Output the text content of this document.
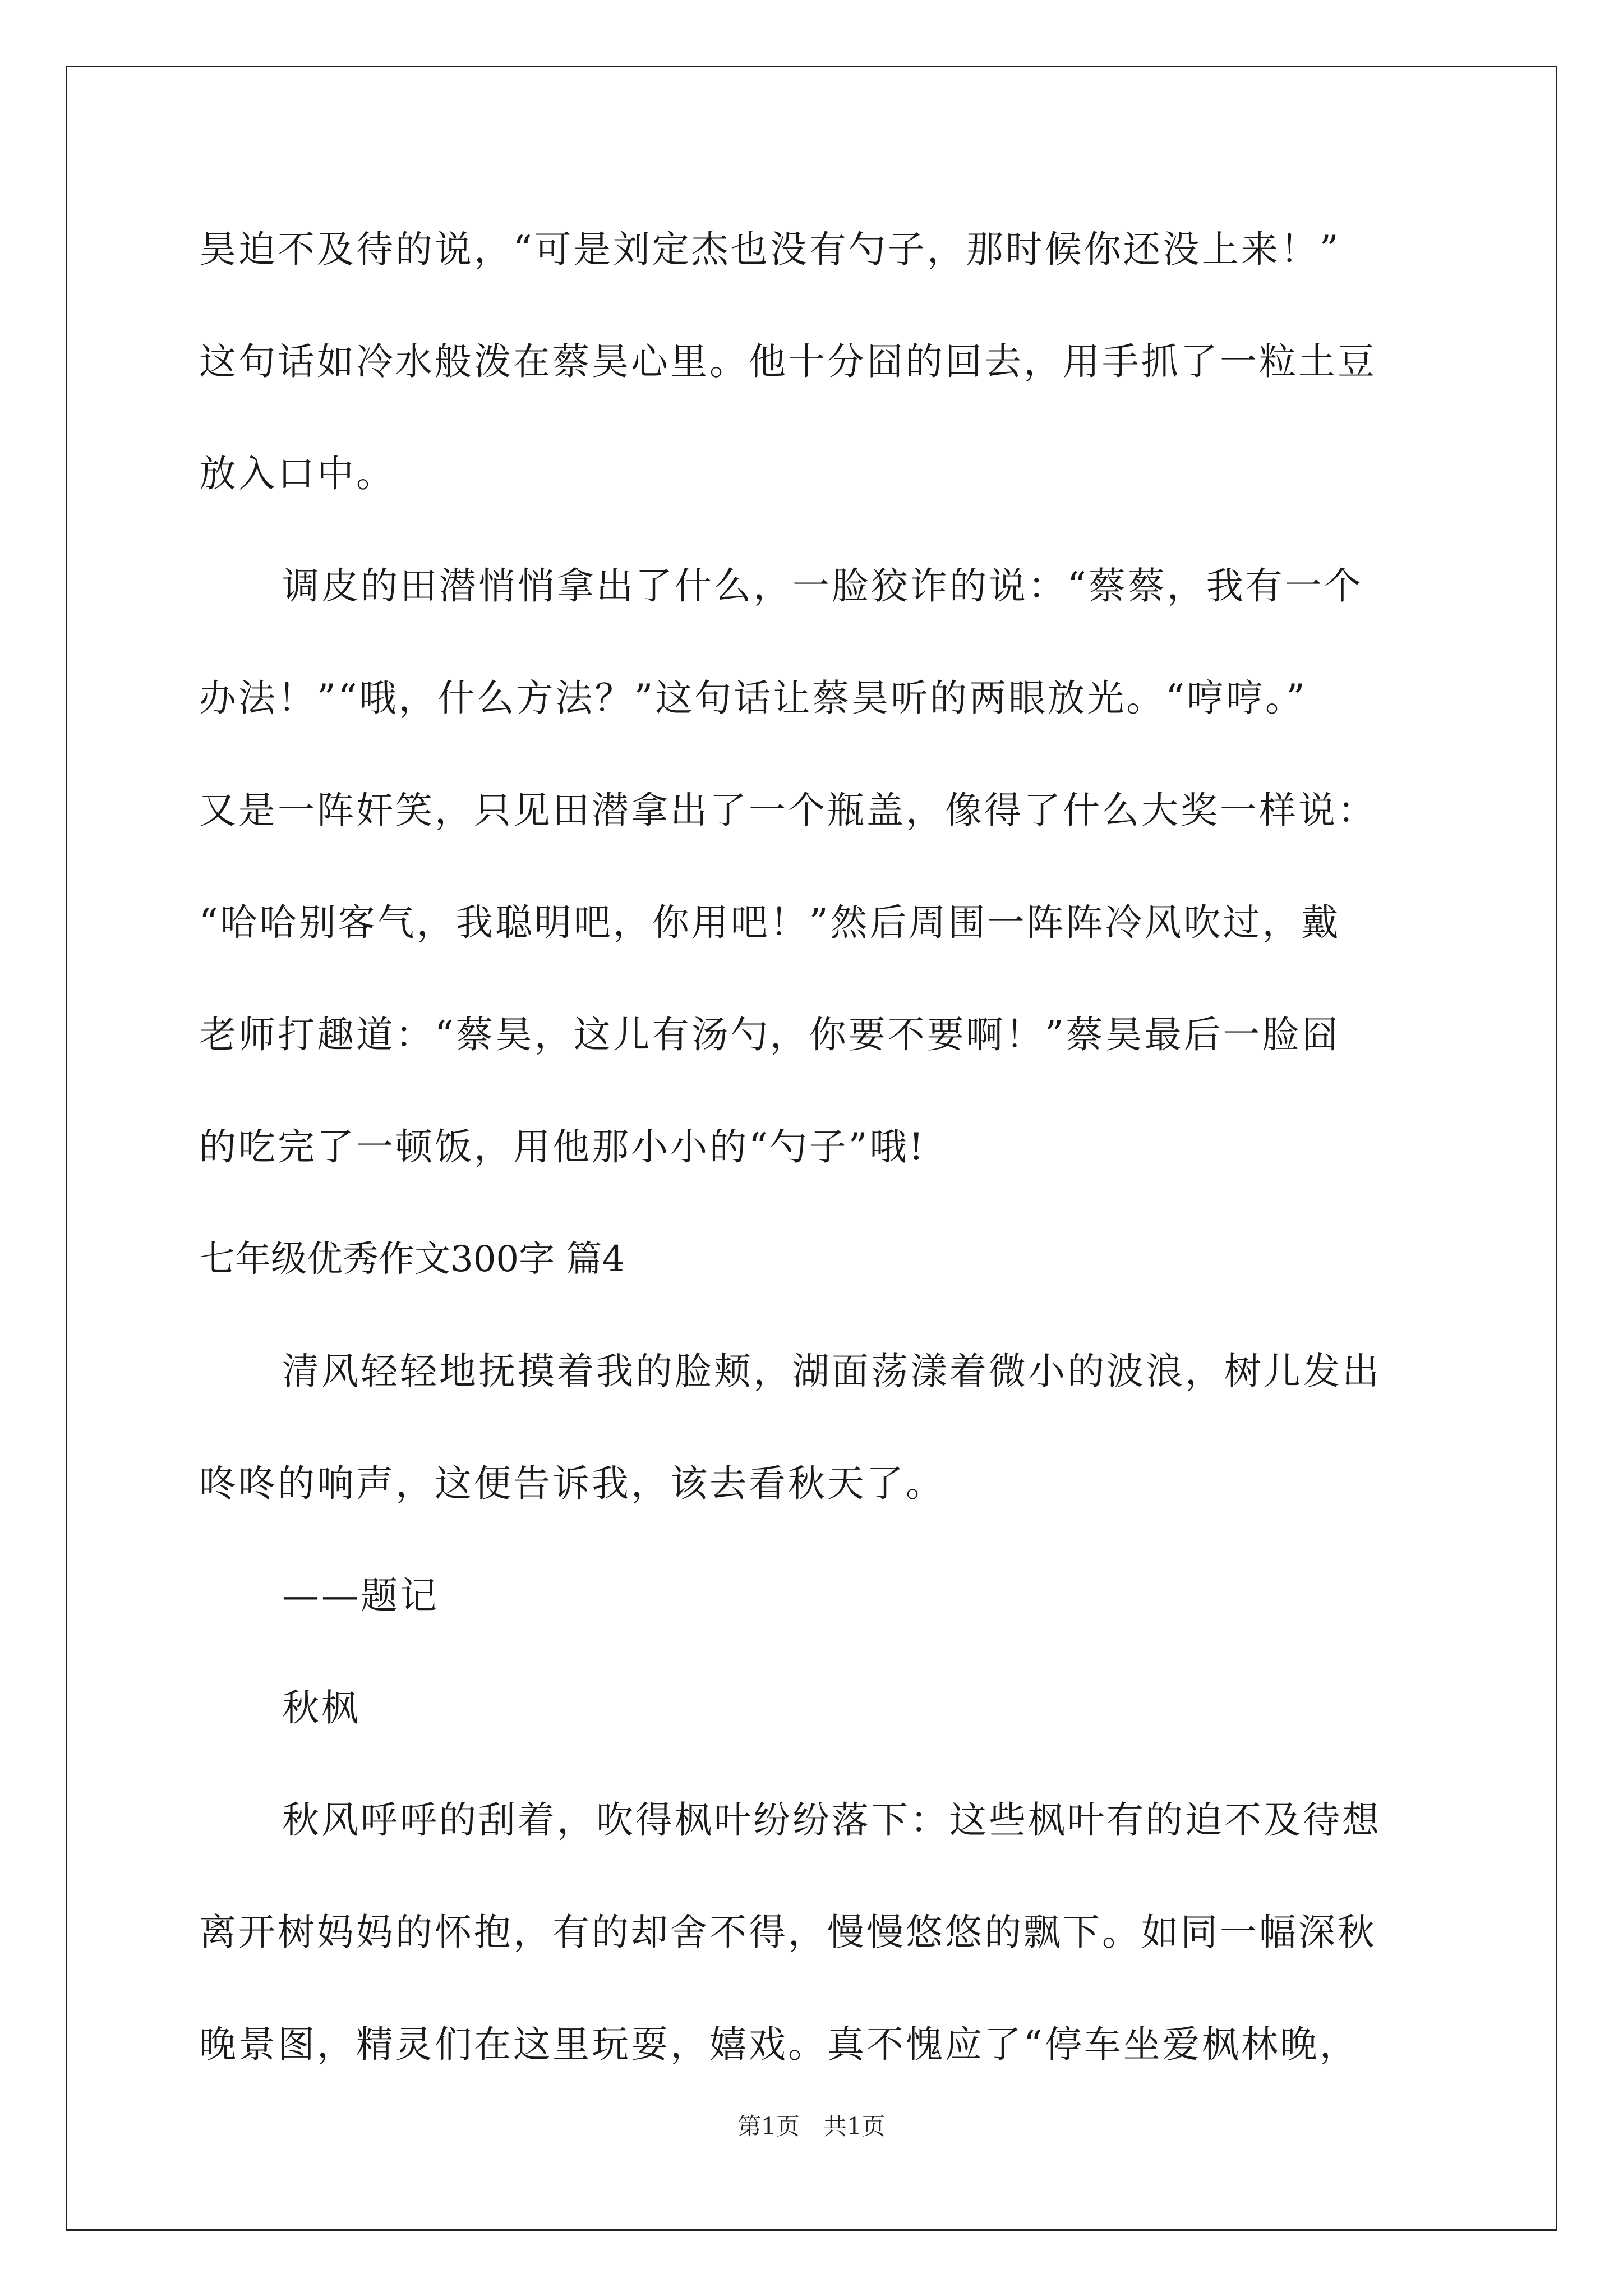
昊迫不及待的说，“可是刘定杰也没有勺子，那时候你还没上来！”

这句话如冷水般泼在蔡昊心里。他十分囧的回去，用手抓了一粒土豆

放入口中。

调皮的田潜悄悄拿出了什么，一脸狡诈的说：“蔡蔡，我有一个

办法！”“哦，什么方法？”这句话让蔡昊听的两眼放光。“哼哼。”

又是一阵奸笑，只见田潜拿出了一个瓶盖，像得了什么大奖一样说：

“哈哈别客气，我聪明吧，你用吧！”然后周围一阵阵冷风吹过，戴

老师打趣道：“蔡昊，这儿有汤勺，你要不要啊！”蔡昊最后一脸囧

的吃完了一顿饭，用他那小小的“勺子”哦!

七年级优秀作文300字 篇4

清风轻轻地抚摸着我的脸颊，湖面荡漾着微小的波浪，树儿发出

咚咚的响声，这便告诉我，该去看秋天了。

——题记

秋枫

秋风呼呼的刮着，吹得枫叶纷纷落下：这些枫叶有的迫不及待想

离开树妈妈的怀抱，有的却舍不得，慢慢悠悠的飘下。如同一幅深秋

晚景图，精灵们在这里玩耍，嬉戏。真不愧应了“停车坐爱枫林晚，

第1页　共1页
